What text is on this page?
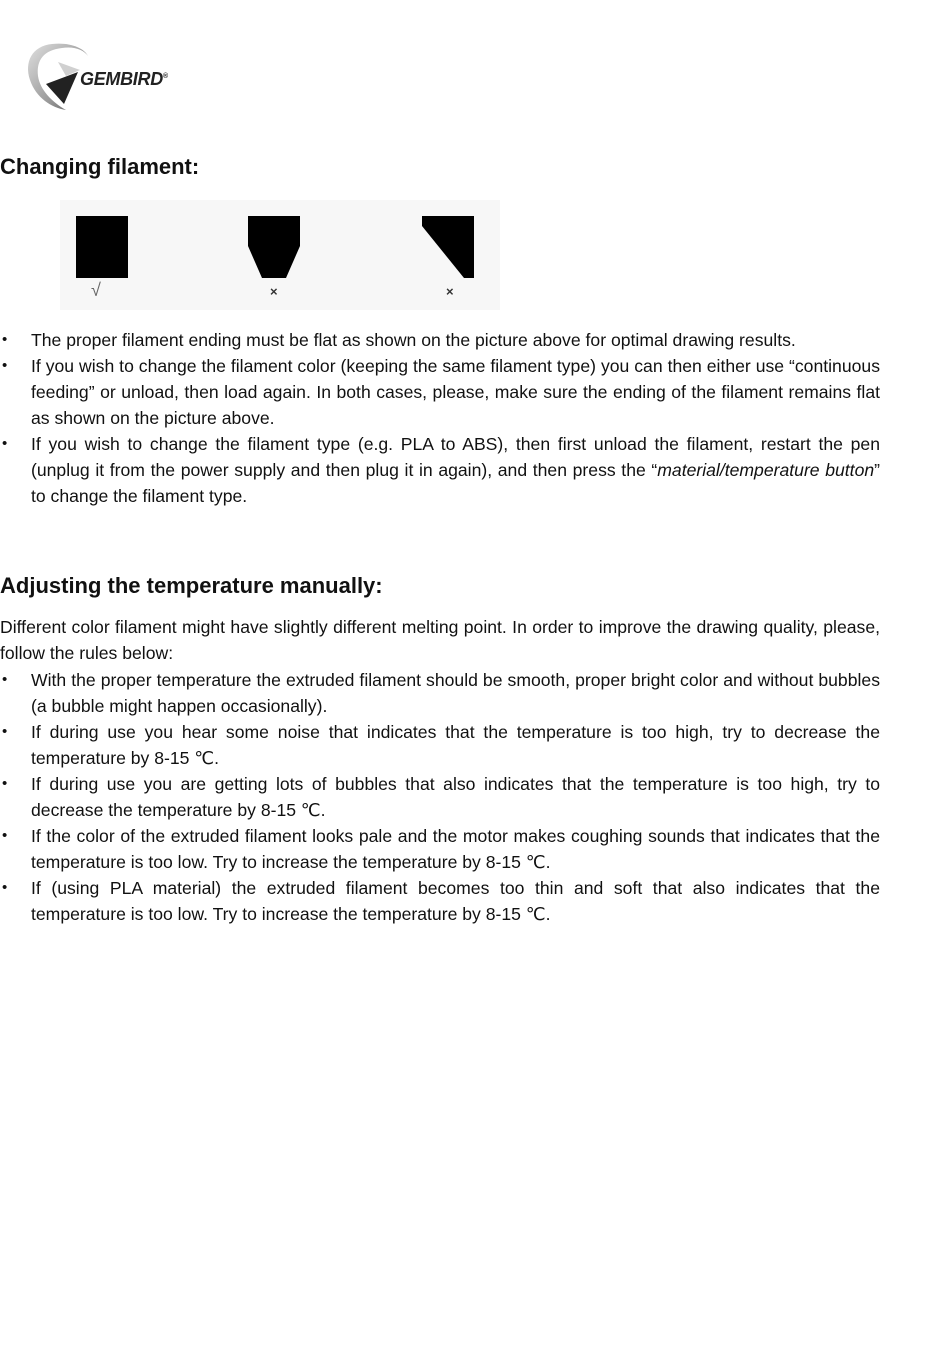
GEMBIRD®
Changing filament:
√	×	×
• The proper filament ending must be flat as shown on the picture above for optimal drawing results.
• If you wish to change the filament color (keeping the same filament type) you can then either use “continuous feeding” or unload, then load again. In both cases, please, make sure the ending of the filament remains flat as shown on the picture above.
• If you wish to change the filament type (e.g. PLA to ABS), then first unload the filament, restart the pen (unplug it from the power supply and then plug it in again), and then press the “material/temperature button” to change the filament type.
Adjusting the temperature manually:

Different color filament might have slightly different melting point. In order to improve the drawing quality, please, follow the rules below:

• With the proper temperature the extruded filament should be smooth, proper bright color and without bubbles (a bubble might happen occasionally).
• If during use you hear some noise that indicates that the temperature is too high, try to decrease the temperature by 8-15 ℃.
• If during use you are getting lots of bubbles that also indicates that the temperature is too high, try to decrease the temperature by 8-15 ℃.
• If the color of the extruded filament looks pale and the motor makes coughing sounds that indicates that the temperature is too low. Try to increase the temperature by 8-15 ℃.
• If (using PLA material) the extruded filament becomes too thin and soft that also indicates that the temperature is too low. Try to increase the temperature by 8-15 ℃.
